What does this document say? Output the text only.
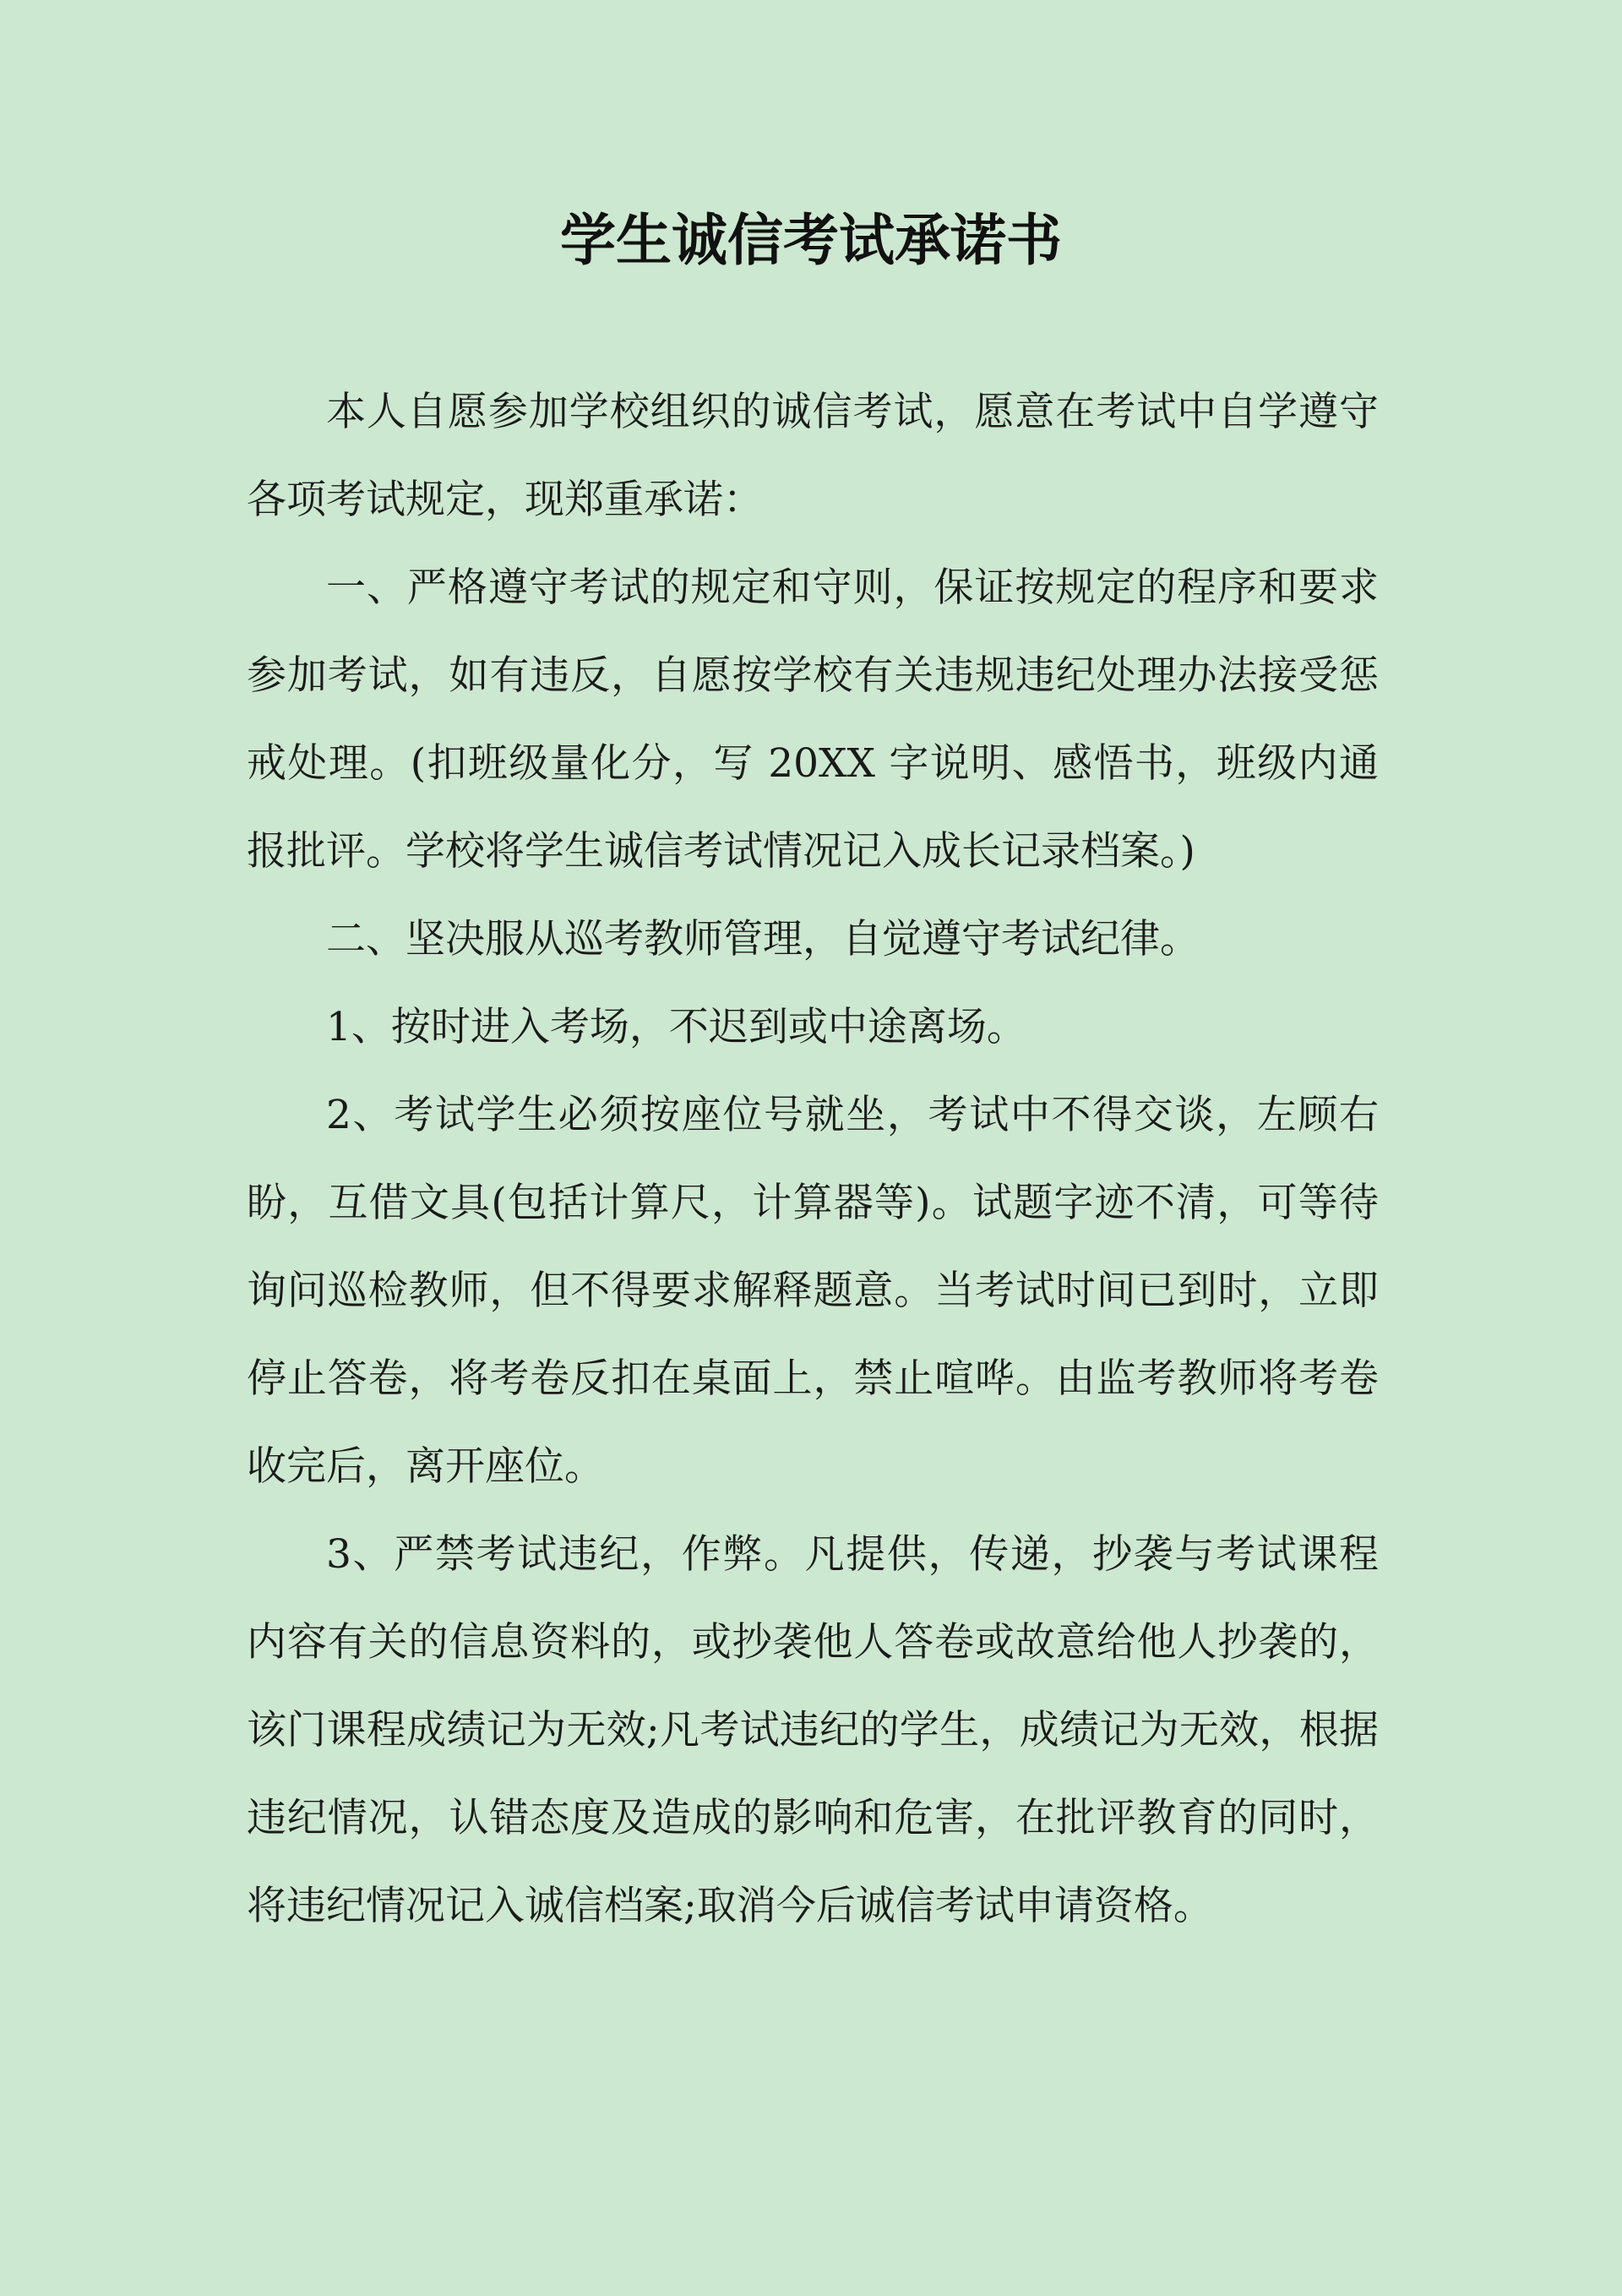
学生诚信考试承诺书

本人自愿参加学校组织的诚信考试，愿意在考试中自学遵守各项考试规定，现郑重承诺：

一、严格遵守考试的规定和守则，保证按规定的程序和要求参加考试，如有违反，自愿按学校有关违规违纪处理办法接受惩戒处理。(扣班级量化分，写 20XX 字说明、感悟书，班级内通报批评。学校将学生诚信考试情况记入成长记录档案。)

二、坚决服从巡考教师管理，自觉遵守考试纪律。

1、按时进入考场，不迟到或中途离场。

2、考试学生必须按座位号就坐，考试中不得交谈，左顾右盼，互借文具(包括计算尺，计算器等)。试题字迹不清，可等待询问巡检教师，但不得要求解释题意。当考试时间已到时，立即停止答卷，将考卷反扣在桌面上，禁止喧哗。由监考教师将考卷收完后，离开座位。

3、严禁考试违纪，作弊。凡提供，传递，抄袭与考试课程内容有关的信息资料的，或抄袭他人答卷或故意给他人抄袭的，该门课程成绩记为无效;凡考试违纪的学生，成绩记为无效，根据违纪情况，认错态度及造成的影响和危害，在批评教育的同时，将违纪情况记入诚信档案;取消今后诚信考试申请资格。
